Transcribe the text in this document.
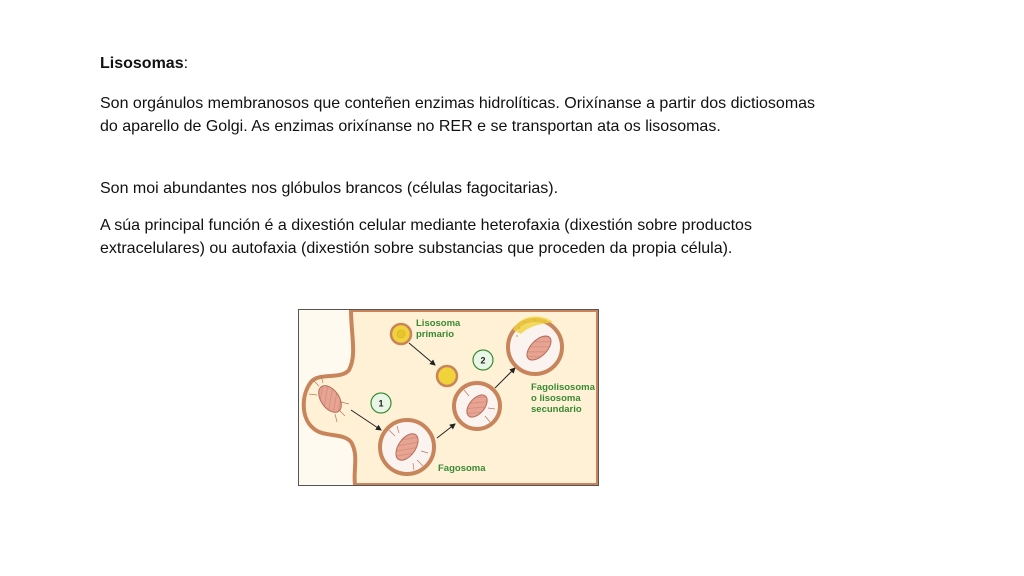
Lisosomas:

Son orgánulos membranosos que conteñen enzimas hidrolíticas. Orixínanse a partir dos dictiosomas do aparello de Golgi. As enzimas orixínanse no RER e se transportan ata os lisosomas.

Son moi abundantes nos glóbulos brancos (células fagocitarias).

A súa principal función é a dixestión celular mediante heterofaxia (dixestión sobre productos extracelulares) ou autofaxia (dixestión sobre substancias que proceden da propia célula).

1
Fagosoma
Lisosoma
primario
2
Fagolisosoma
o lisosoma
secundario
